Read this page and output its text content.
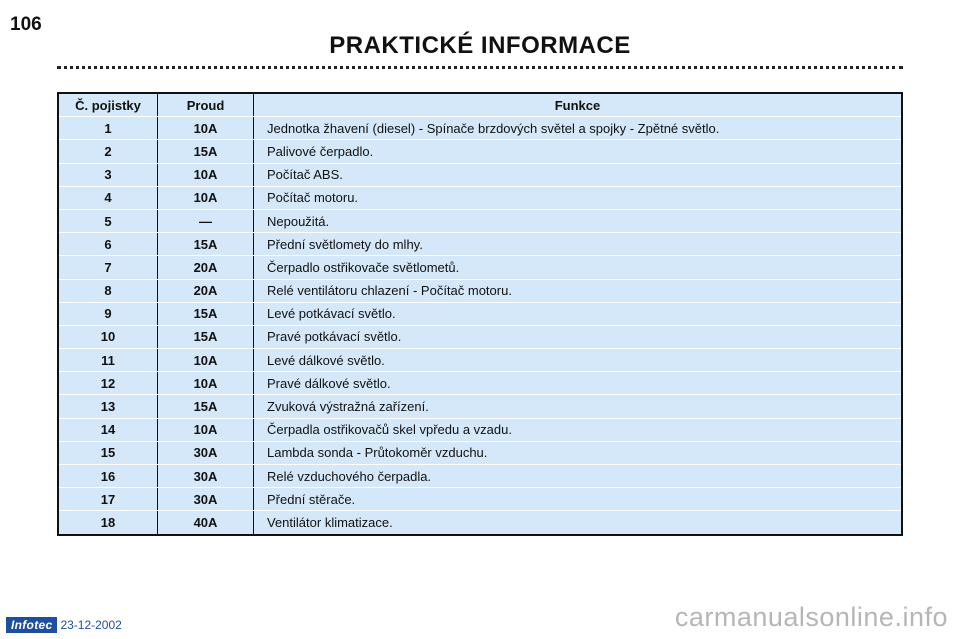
106
PRAKTICKÉ INFORMACE
Č. pojistky	Proud	Funkce
1	10A	Jednotka žhavení (diesel) - Spínače brzdových světel a spojky - Zpětné světlo.
2	15A	Palivové čerpadlo.
3	10A	Počítač ABS.
4	10A	Počítač motoru.
5	—	Nepoužitá.
6	15A	Přední světlomety do mlhy.
7	20A	Čerpadlo ostřikovače světlometů.
8	20A	Relé ventilátoru chlazení - Počítač motoru.
9	15A	Levé potkávací světlo.
10	15A	Pravé potkávací světlo.
11	10A	Levé dálkové světlo.
12	10A	Pravé dálkové světlo.
13	15A	Zvuková výstražná zařízení.
14	10A	Čerpadla ostřikovačů skel vpředu a vzadu.
15	30A	Lambda sonda - Průtokoměr vzduchu.
16	30A	Relé vzduchového čerpadla.
17	30A	Přední stěrače.
18	40A	Ventilátor klimatizace.
Infotec 23-12-2002	carmanualsonline.info
